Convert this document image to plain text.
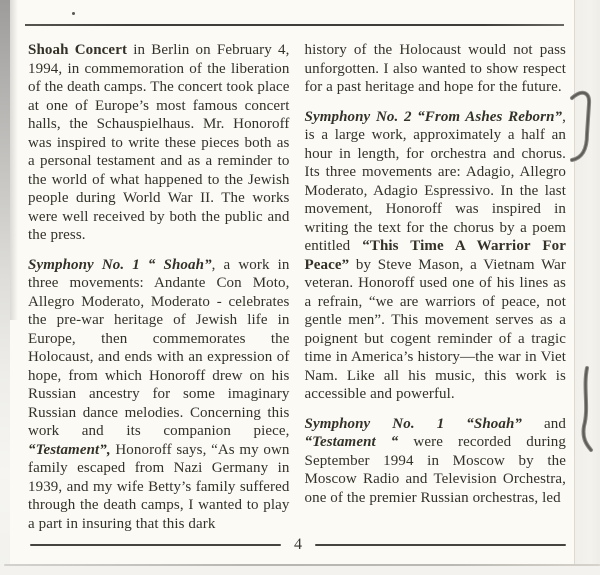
Shoah Concert in Berlin on February 4, 1994, in commemoration of the liberation of the death camps. The concert took place at one of Europe’s most famous concert halls, the Schauspielhaus. Mr. Honoroff was inspired to write these pieces both as a personal testament and as a reminder to the world of what happened to the Jewish people during World War II. The works were well received by both the public and the press.

Symphony No. 1 “ Shoah”, a work in three movements: Andante Con Moto, Allegro Moderato, Moderato - celebrates the pre-war heritage of Jewish life in Europe, then commemorates the Holocaust, and ends with an expression of hope, from which Honoroff drew on his Russian ancestry for some imaginary Russian dance melodies. Concerning this work and its companion piece, “Testament”, Honoroff says, “As my own family escaped from Nazi Germany in 1939, and my wife Betty’s family suffered through the death camps, I wanted to play a part in insuring that this dark

history of the Holocaust would not pass unforgotten. I also wanted to show respect for a past heritage and hope for the future.

Symphony No. 2 “From Ashes Reborn”, is a large work, approximately a half an hour in length, for orchestra and chorus. Its three movements are: Adagio, Allegro Moderato, Adagio Espressivo. In the last movement, Honoroff was inspired in writing the text for the chorus by a poem entitled “This Time A Warrior For Peace” by Steve Mason, a Vietnam War veteran. Honoroff used one of his lines as a refrain, “we are warriors of peace, not gentle men”. This movement serves as a poignent but cogent reminder of a tragic time in America’s history—the war in Viet Nam. Like all his music, this work is accessible and powerful.

Symphony No. 1 “Shoah” and “Testament “ were recorded during September 1994 in Moscow by the Moscow Radio and Television Orchestra, one of the premier Russian orchestras, led

4
